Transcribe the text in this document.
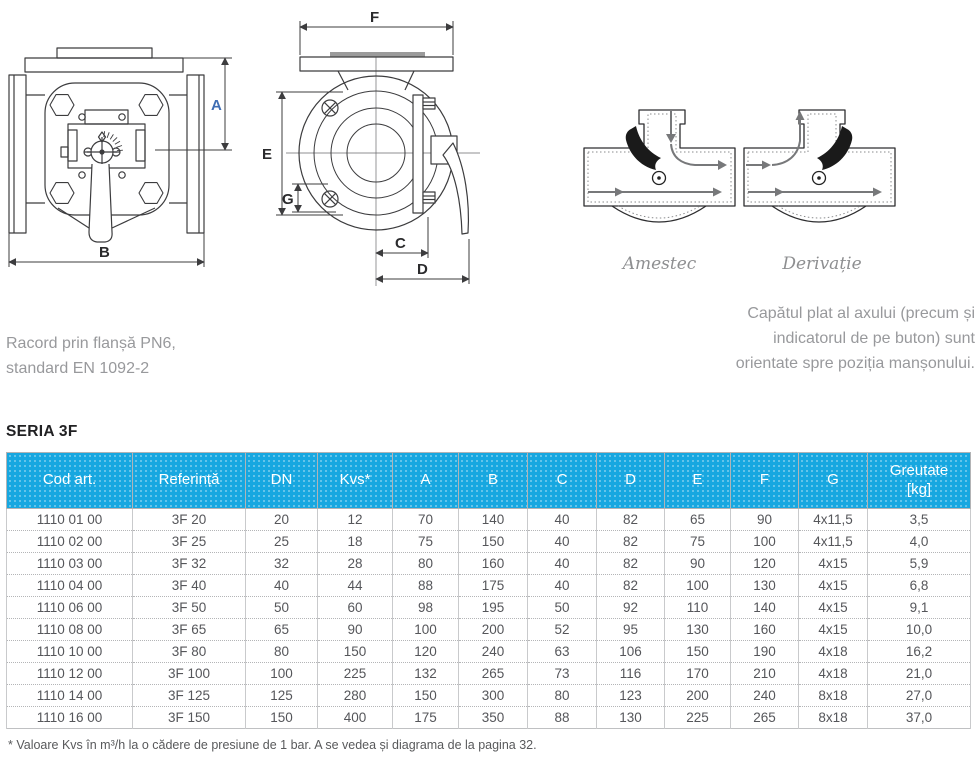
A
B
F
E
G
C
D	Amestec	Derivație
Racord prin flanșă PN6,
standard EN 1092-2
Capătul plat al axului (precum și
indicatorul de pe buton) sunt
orientate spre poziția manșonului.
SERIA 3F
Cod art.	Referință	DN	Kvs*	A	B	C	D	E	F	G	Greutate
[kg]
1110 01 00	3F 20	20	12	70	140	40	82	65	90	4x11,5	3,5
1110 02 00	3F 25	25	18	75	150	40	82	75	100	4x11,5	4,0
1110 03 00	3F 32	32	28	80	160	40	82	90	120	4x15	5,9
1110 04 00	3F 40	40	44	88	175	40	82	100	130	4x15	6,8
1110 06 00	3F 50	50	60	98	195	50	92	110	140	4x15	9,1
1110 08 00	3F 65	65	90	100	200	52	95	130	160	4x15	10,0
1110 10 00	3F 80	80	150	120	240	63	106	150	190	4x18	16,2
1110 12 00	3F 100	100	225	132	265	73	116	170	210	4x18	21,0
1110 14 00	3F 125	125	280	150	300	80	123	200	240	8x18	27,0
1110 16 00	3F 150	150	400	175	350	88	130	225	265	8x18	37,0
* Valoare Kvs în m³/h la o cădere de presiune de 1 bar. A se vedea și diagrama de la pagina 32.
